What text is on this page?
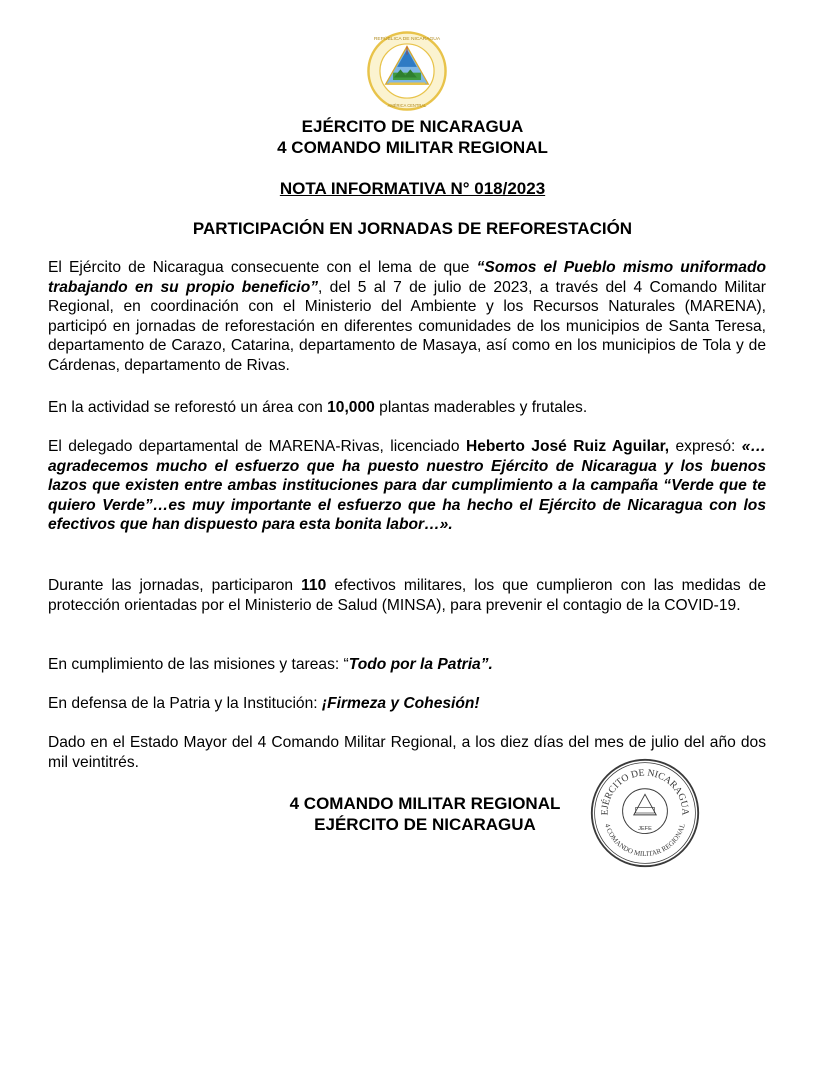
REPÚBLICA DE NICARAGUA
AMÉRICA CENTRAL
EJÉRCITO DE NICARAGUA
4 COMANDO MILITAR REGIONAL
NOTA INFORMATIVA N° 018/2023
PARTICIPACIÓN EN JORNADAS DE REFORESTACIÓN

El Ejército de Nicaragua consecuente con el lema de que “Somos el Pueblo mismo uniformado trabajando en su propio beneficio”, del 5 al 7 de julio de 2023, a través del 4 Comando Militar Regional, en coordinación con el Ministerio del Ambiente y los Recursos Naturales (MARENA), participó en jornadas de reforestación en diferentes comunidades de los municipios de Santa Teresa, departamento de Carazo, Catarina, departamento de Masaya, así como en los municipios de Tola y de Cárdenas, departamento de Rivas.

En la actividad se reforestó un área con 10,000 plantas maderables y frutales.

El delegado departamental de MARENA-Rivas, licenciado Heberto José Ruiz Aguilar, expresó: «…agradecemos mucho el esfuerzo que ha puesto nuestro Ejército de Nicaragua y los buenos lazos que existen entre ambas instituciones para dar cumplimiento a la campaña “Verde que te quiero Verde”…es muy importante el esfuerzo que ha hecho el Ejército de Nicaragua con los efectivos que han dispuesto para esta bonita labor…».

Durante las jornadas, participaron 110 efectivos militares, los que cumplieron con las medidas de protección orientadas por el Ministerio de Salud (MINSA), para prevenir el contagio de la COVID-19.

En cumplimiento de las misiones y tareas: “Todo por la Patria”.

En defensa de la Patria y la Institución: ¡Firmeza y Cohesión!

Dado en el Estado Mayor del 4 Comando Militar Regional, a los diez días del mes de julio del año dos mil veintitrés.

4 COMANDO MILITAR REGIONAL
EJÉRCITO DE NICARAGUA
EJÉRCITO DE NICARAGUA
4 COMANDO MILITAR REGIONAL
JEFE
